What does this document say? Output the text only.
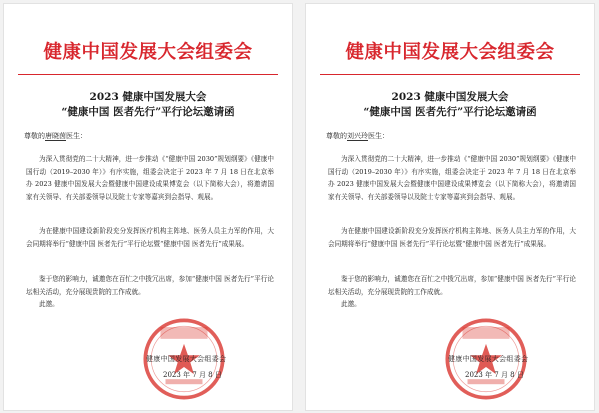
健康中国发展大会组委会
2023 健康中国发展大会
“健康中国 医者先行”平行论坛邀请函
尊敬的唐晓茵医生：
为深入贯彻党的二十大精神，进一步推动《“健康中国 2030”规划纲要》《健康中国行动（2019–2030 年）》有序实施，组委会决定于 2023 年 7 月 18 日在北京举办 2023 健康中国发展大会暨健康中国建设成果博览会（以下简称大会），将邀请国家有关领导、有关部委领导以及院士专家等嘉宾到会指导、观展。
为在健康中国建设新阶段充分发挥医疗机构主阵地、医务人员主力军的作用，大会同期将举行“健康中国 医者先行”平行论坛暨“健康中国 医者先行”成果展。
鉴于您的影响力，诚邀您在百忙之中拨冗出席，参加“健康中国 医者先行”平行论坛相关活动，充分展现贵院的工作成就。
此邀。
健康中国发展大会组委会
2023 年 7 月 8 日
健康中国发展大会组委会
2023 健康中国发展大会
“健康中国 医者先行”平行论坛邀请函
尊敬的刘兴玲医生：
为深入贯彻党的二十大精神，进一步推动《“健康中国 2030”规划纲要》《健康中国行动（2019–2030 年）》有序实施，组委会决定于 2023 年 7 月 18 日在北京举办 2023 健康中国发展大会暨健康中国建设成果博览会（以下简称大会），将邀请国家有关领导、有关部委领导以及院士专家等嘉宾到会指导、观展。
为在健康中国建设新阶段充分发挥医疗机构主阵地、医务人员主力军的作用，大会同期将举行“健康中国 医者先行”平行论坛暨“健康中国 医者先行”成果展。
鉴于您的影响力，诚邀您在百忙之中拨冗出席，参加“健康中国 医者先行”平行论坛相关活动，充分展现贵院的工作成就。
此邀。
健康中国发展大会组委会
2023 年 7 月 8 日
